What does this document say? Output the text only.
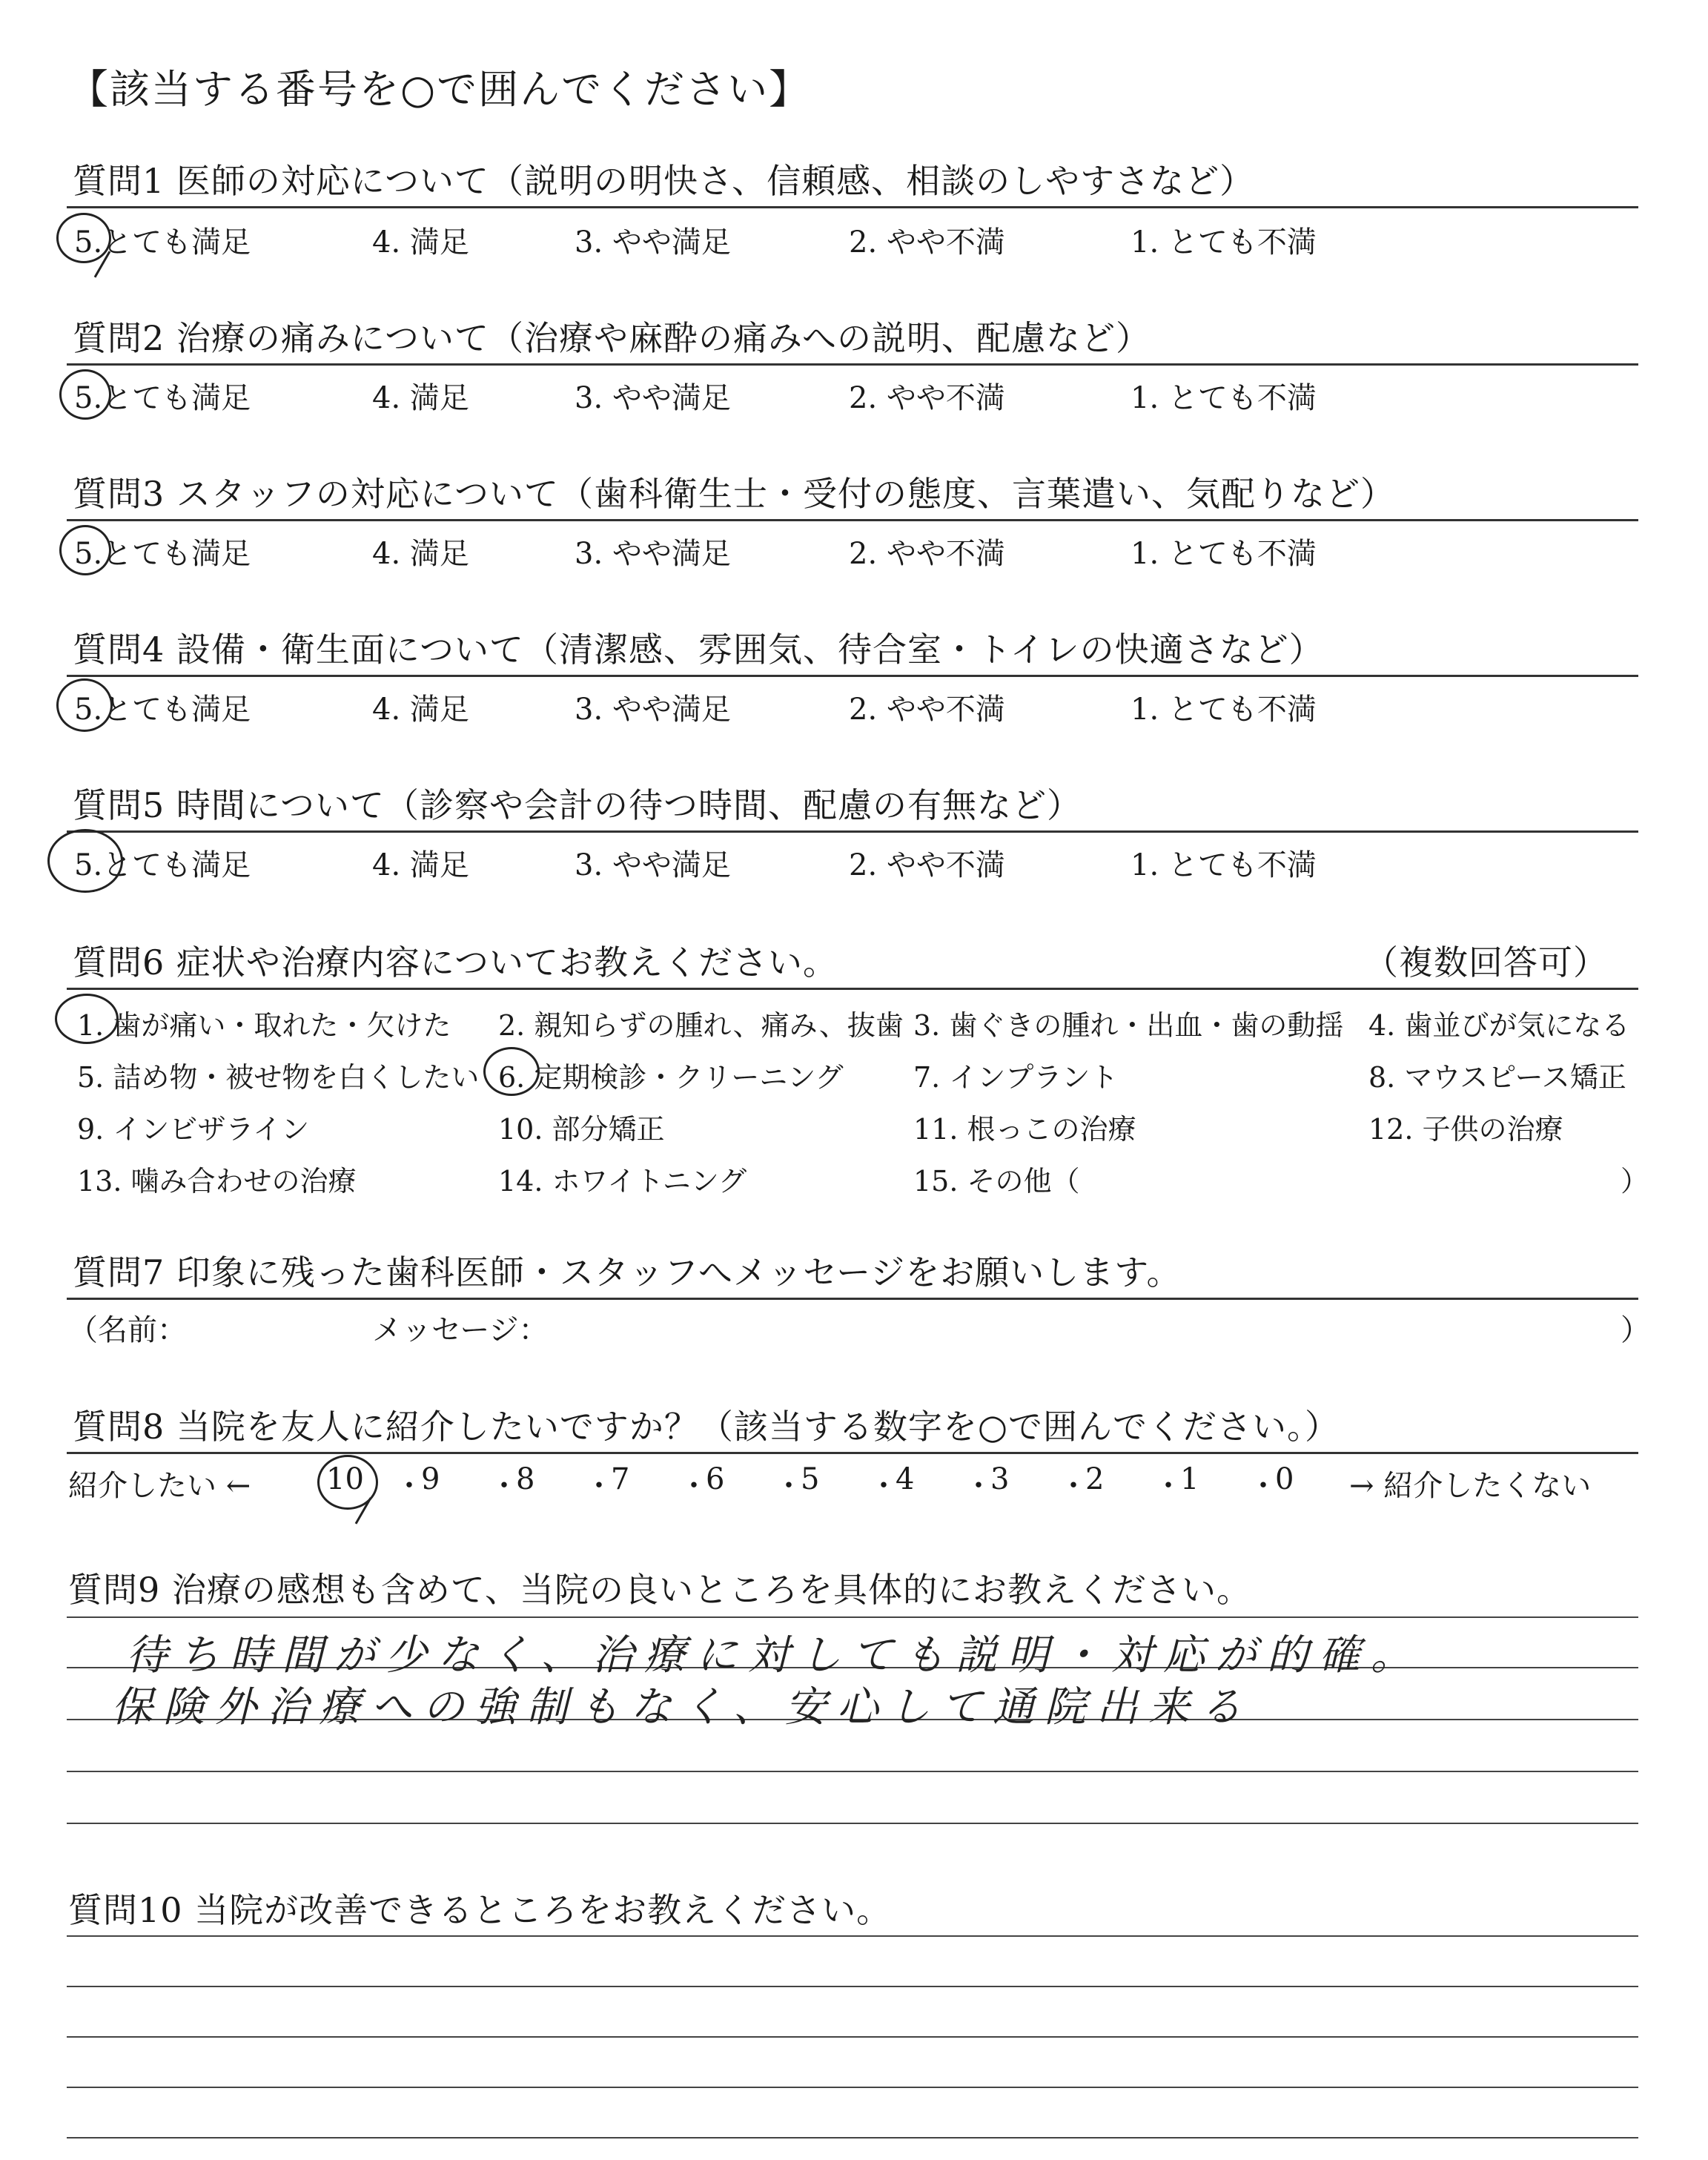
【該当する番号を○で囲んでください】
質問1 医師の対応について（説明の明快さ、信頼感、相談のしやすさなど）
5.とても満足	4. 満足	3. やや満足	2. やや不満	1. とても不満
質問2 治療の痛みについて（治療や麻酔の痛みへの説明、配慮など）
5.とても満足	4. 満足	3. やや満足	2. やや不満	1. とても不満
質問3 スタッフの対応について（歯科衛生士・受付の態度、言葉遣い、気配りなど）
5.とても満足	4. 満足	3. やや満足	2. やや不満	1. とても不満
質問4 設備・衛生面について（清潔感、雰囲気、待合室・トイレの快適さなど）
5.とても満足	4. 満足	3. やや満足	2. やや不満	1. とても不満
質問5 時間について（診察や会計の待つ時間、配慮の有無など）
5.とても満足	4. 満足	3. やや満足	2. やや不満	1. とても不満
質問6 症状や治療内容についてお教えください。	（複数回答可）
1. 歯が痛い・取れた・欠けた 2. 親知らずの腫れ、痛み、抜歯 3. 歯ぐきの腫れ・出血・歯の動揺 4. 歯並びが気になる
5. 詰め物・被せ物を白くしたい 6. 定期検診・クリーニング 7. インプラント	8. マウスピース矯正
9. インビザライン	10. 部分矯正	11. 根っこの治療	12. 子供の治療
13. 噛み合わせの治療	14. ホワイトニング	15. その他（	）
質問7 印象に残った歯科医師・スタッフへメッセージをお願いします。
（名前：	メッセージ：	）
質問8 当院を友人に紹介したいですか？（該当する数字を○で囲んでください。）
紹介したい ←	→ 紹介したくない
10 ・
9 ・
8 ・
7 ・
6 ・
5 ・
4 ・
3 ・
2 ・
1 ・
0
質問9 治療の感想も含めて、当院の良いところを具体的にお教えください。
待ち時間が少なく、治療に対しても説明・対応が的確。
保険外治療への強制もなく、安心して通院出来る
質問10 当院が改善できるところをお教えください。
